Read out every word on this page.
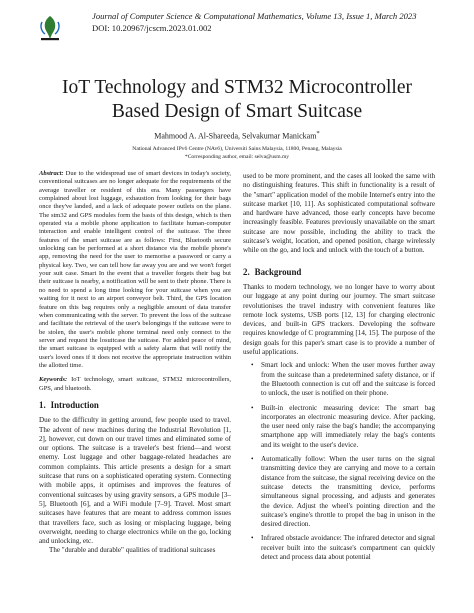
Journal of Computer Science & Computational Mathematics, Volume 13, Issue 1, March 2023
DOI: 10.20967/jcscm.2023.01.002
IoT Technology and STM32 Microcontroller
Based Design of Smart Suitcase
Mahmood A. Al-Shareeda, Selvakumar Manickam*
National Advanced IPv6 Centre (NAv6), Universiti Sains Malaysia, 11800, Penang, Malaysia
*Corresponding author, email: selva@usm.my

Abstract: Due to the widespread use of smart devices in today's society, conventional suitcases are no longer adequate for the requirements of the average traveller or resident of this era. Many passengers have complained about lost luggage, exhaustion from looking for their bags once they've landed, and a lack of adequate power outlets on the plane. The stm32 and GPS modules form the basis of this design, which is then operated via a mobile phone application to facilitate human-computer interaction and enable intelligent control of the suitcase. The three features of the smart suitcase are as follows: First, Bluetooth secure unlocking can be performed at a short distance via the mobile phone's app, removing the need for the user to memorise a password or carry a physical key. Two, we can tell how far away you are and we won't forget your suit case. Smart In the event that a traveller forgets their bag but their suitcase is nearby, a notification will be sent to their phone. There is no need to spend a long time looking for your suitcase when you are waiting for it next to an airport conveyor belt. Third, the GPS location feature on this bag requires only a negligible amount of data transfer when communicating with the server. To prevent the loss of the suitcase and facilitate the retrieval of the user's belongings if the suitcase were to be stolen, the user's mobile phone terminal need only connect to the server and request the losuitcase the suitcase. For added peace of mind, the smart suitcase is equipped with a safety alarm that will notify the user's loved ones if it does not receive the appropriate instruction within the allotted time.

Keywords: IoT technology, smart suitcase, STM32 microcontrollers, GPS, and bluetooth.

1. Introduction

Due to the difficulty in getting around, few people used to travel. The advent of new machines during the Industrial Revolution [1, 2], however, cut down on our travel times and eliminated some of our options. The suitcase is a traveler's best friend—and worst enemy. Lost luggage and other baggage-related headaches are common complaints. This article presents a design for a smart suitcase that runs on a sophisticated operating system. Connecting with mobile apps, it optimises and improves the features of conventional suitcases by using gravity sensors, a GPS module [3–5], Bluetooth [6], and a WiFi module [7–9]. Travel. Most smart suitcases have features that are meant to address common issues that travellers face, such as losing or misplacing luggage, being overweight, needing to charge electronics while on the go, locking and unlocking, etc.

The "durable and durable" qualities of traditional suitcases

used to be more prominent, and the cases all looked the same with no distinguishing features. This shift in functionality is a result of the "smart" application model of the mobile Internet's entry into the suitcase market [10, 11]. As sophisticated computational software and hardware have advanced, those early concepts have become increasingly feasible. Features previously unavailable on the smart suitcase are now possible, including the ability to track the suitcase's weight, location, and opened position, charge wirelessly while on the go, and lock and unlock with the touch of a button.

2. Background

Thanks to modern technology, we no longer have to worry about our luggage at any point during our journey. The smart suitcase revolutionises the travel industry with convenient features like remote lock systems, USB ports [12, 13] for charging electronic devices, and built-in GPS trackers. Developing the software requires knowledge of C programming [14, 15]. The purpose of the design goals for this paper's smart case is to provide a number of useful applications.

• Smart lock and unlock: When the user moves further away from the suitcase than a predetermined safety distance, or if the Bluetooth connection is cut off and the suitcase is forced to unlock, the user is notified on their phone.
• Built-in electronic measuring device: The smart bag incorporates an electronic measuring device. After packing, the user need only raise the bag's handle; the accompanying smartphone app will immediately relay the bag's contents and its weight to the user's device.
• Automatically follow: When the user turns on the signal transmitting device they are carrying and move to a certain distance from the suitcase, the signal receiving device on the suitcase detects the transmitting device, performs simultaneous signal processing, and adjusts and generates the device. Adjust the wheel's pointing direction and the suitcase's engine's throttle to propel the bag in unison in the desired direction.
• Infrared obstacle avoidance: The infrared detector and signal receiver built into the suitcase's compartment can quickly detect and process data about potential
